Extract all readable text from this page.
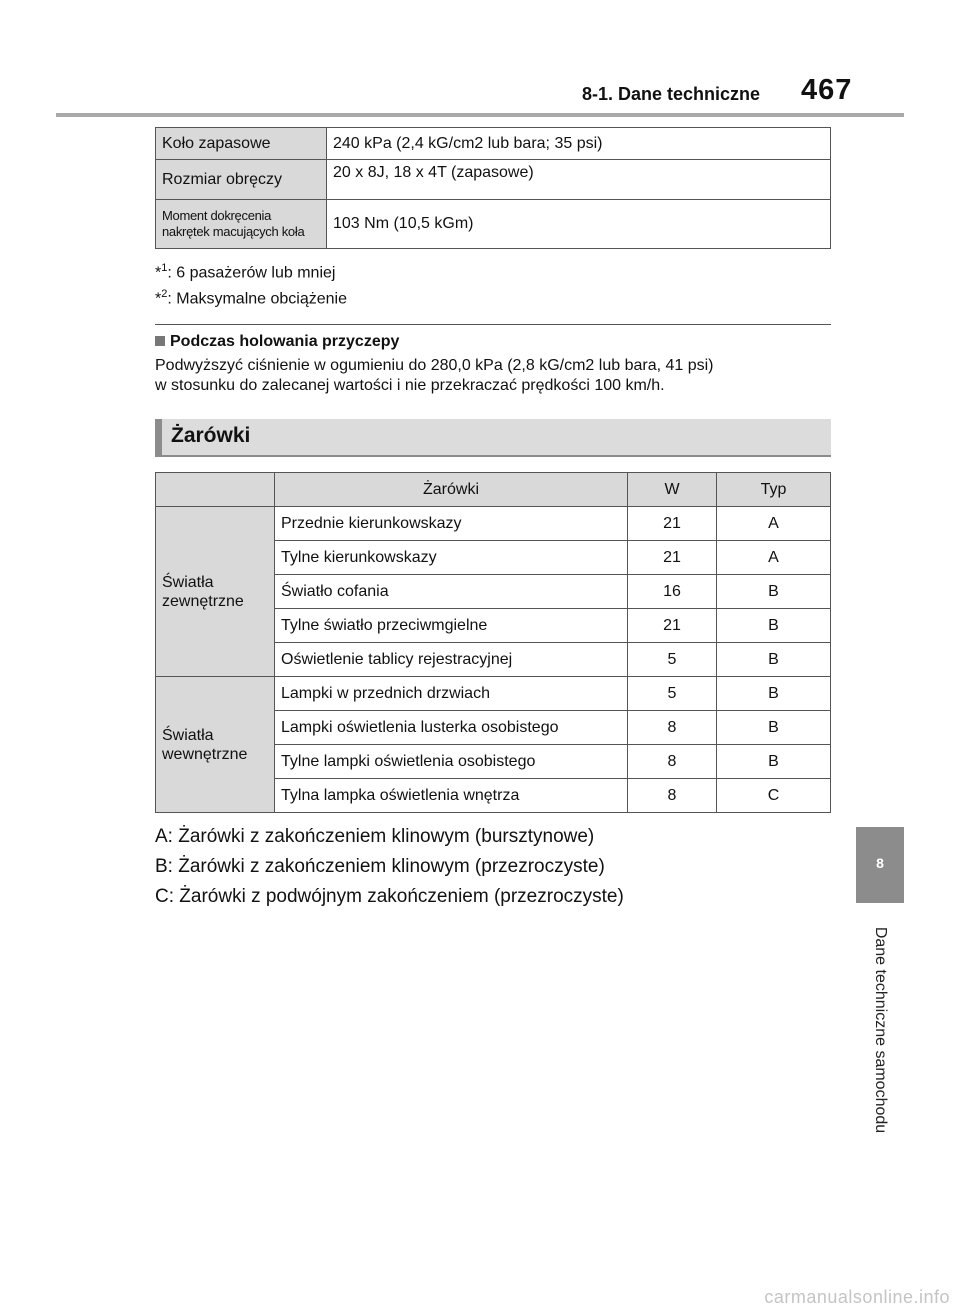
8-1. Dane techniczne 467
Koło zapasowe	240 kPa (2,4 kG/cm2 lub bara; 35 psi)
Rozmiar obręczy	20 x 8J, 18 x 4T (zapasowe)

Moment dokręcenia
nakrętek macujących koła	103 Nm (10,5 kGm)
*$^1$: 6 pasażerów lub mniej
*$^2$: Maksymalne obciążenie
Podczas holowania przyczepy
Podwyższyć ciśnienie w ogumieniu do 280,0 kPa (2,8 kG/cm2 lub bara, 41 psi)
w stosunku do zalecanej wartości i nie przekraczać prędkości 100 km/h.
Żarówki
	Żarówki	W	Typ

Światła
zewnętrzne	Przednie kierunkowskazy	21	A
	Tylne kierunkowskazy	21	A
	Światło cofania	16	B
	Tylne światło przeciwmgielne	21	B
	Oświetlenie tablicy rejestracyjnej	5	B

Światła
wewnętrzne	Lampki w przednich drzwiach	5	B
	Lampki oświetlenia lusterka osobistego	8	B
	Tylne lampki oświetlenia osobistego	8	B
	Tylna lampka oświetlenia wnętrza	8	C
A: Żarówki z zakończeniem klinowym (bursztynowe)
B: Żarówki z zakończeniem klinowym (przezroczyste)
C: Żarówki z podwójnym zakończeniem (przezroczyste)
8
Dane techniczne samochodu
carmanualsonline.info
